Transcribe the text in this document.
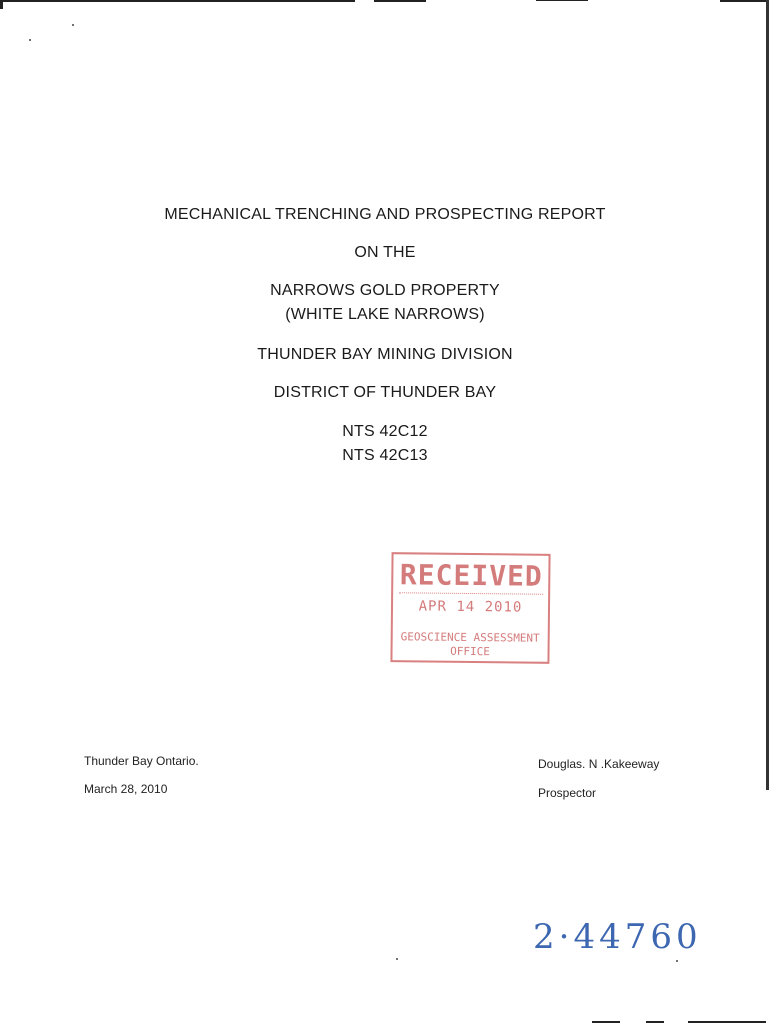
MECHANICAL TRENCHING AND PROSPECTING REPORT
ON THE
NARROWS GOLD PROPERTY
(WHITE LAKE NARROWS)
THUNDER BAY MINING DIVISION
DISTRICT OF THUNDER BAY
NTS 42C12
NTS 42C13
RECEIVED
APR 14 2010
GEOSCIENCE ASSESSMENT
OFFICE
Thunder Bay Ontario.
March 28, 2010
Douglas. N .Kakeeway
Prospector
2·44760
